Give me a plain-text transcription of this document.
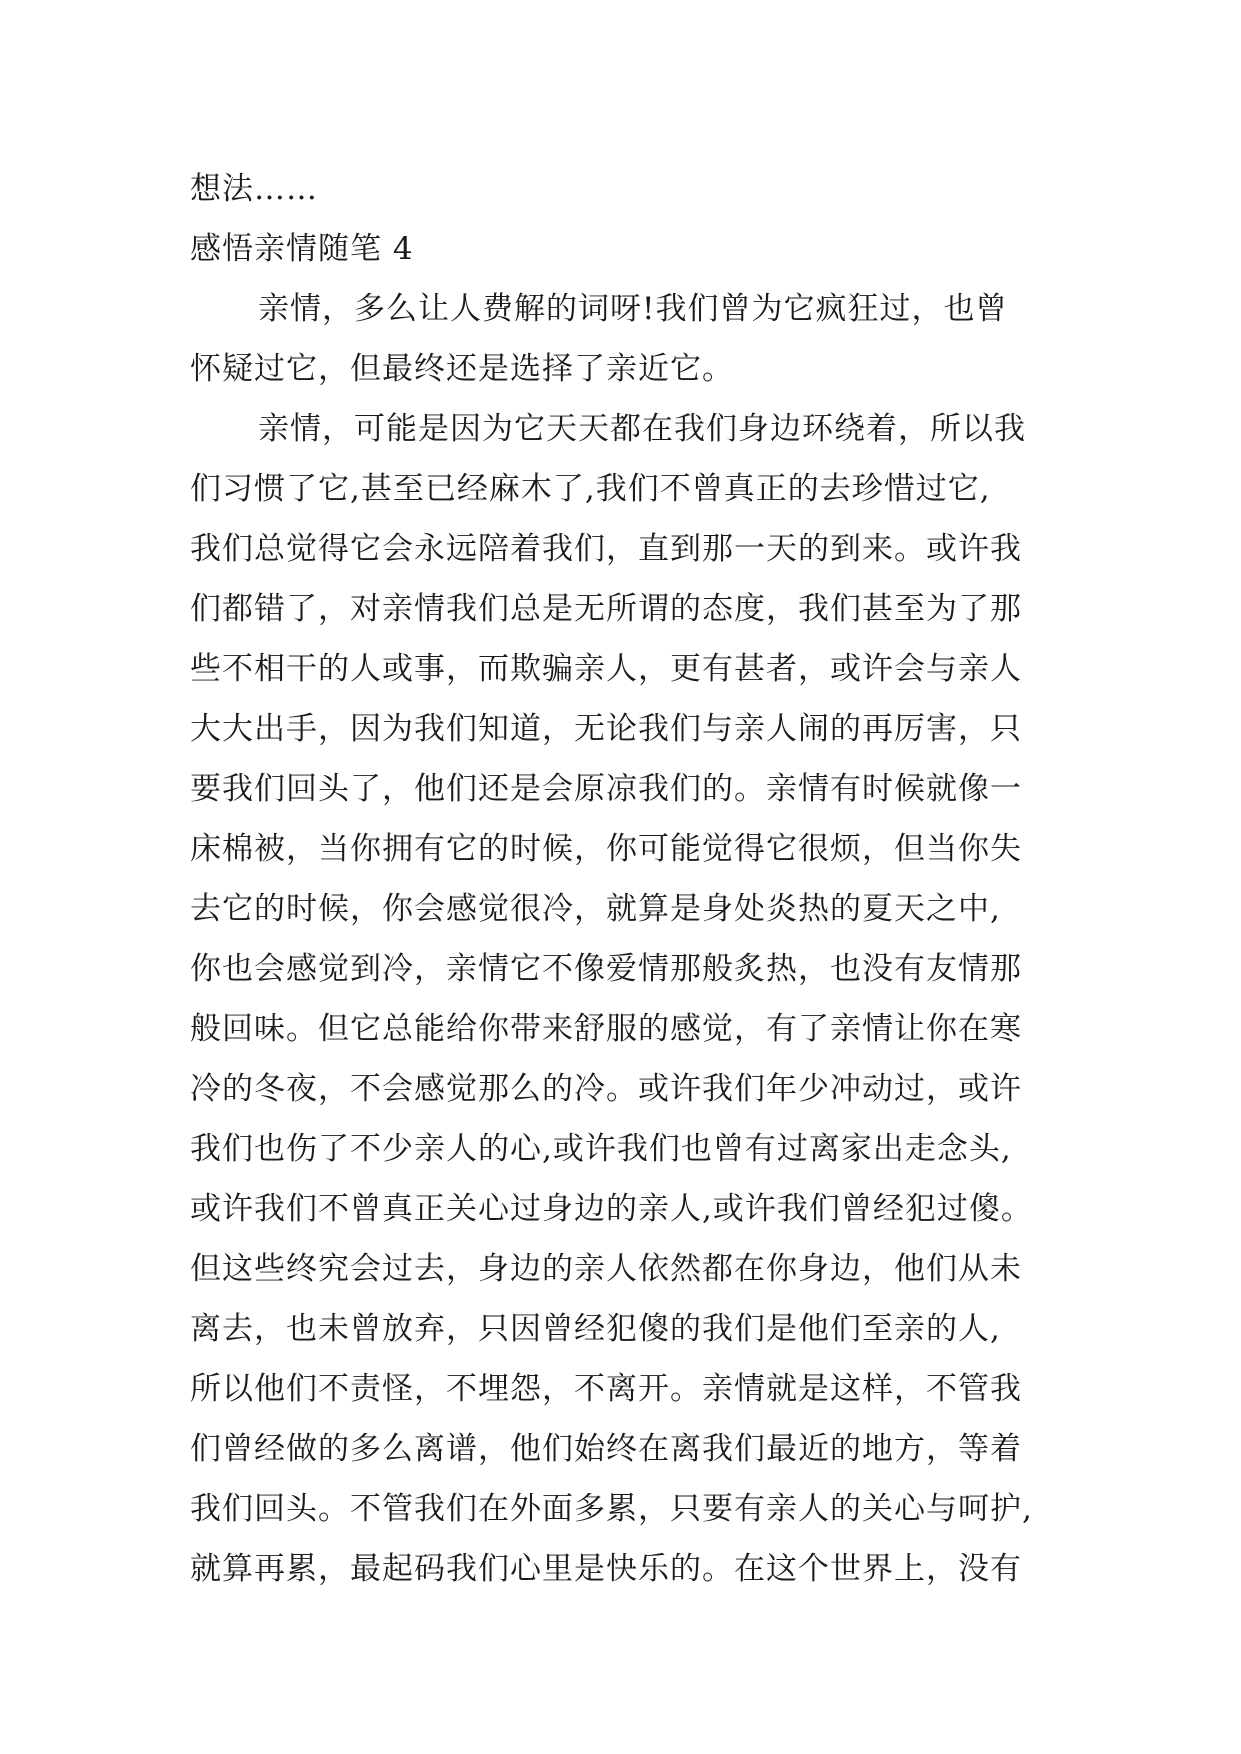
想法……
感悟亲情随笔 4
亲情，多么让人费解的词呀!我们曾为它疯狂过，也曾
怀疑过它，但最终还是选择了亲近它。
亲情，可能是因为它天天都在我们身边环绕着，所以我
们习惯了它,甚至已经麻木了,我们不曾真正的去珍惜过它,
我们总觉得它会永远陪着我们，直到那一天的到来。或许我
们都错了，对亲情我们总是无所谓的态度，我们甚至为了那
些不相干的人或事，而欺骗亲人，更有甚者，或许会与亲人
大大出手，因为我们知道，无论我们与亲人闹的再厉害，只
要我们回头了，他们还是会原凉我们的。亲情有时候就像一
床棉被，当你拥有它的时候，你可能觉得它很烦，但当你失
去它的时候，你会感觉很冷，就算是身处炎热的夏天之中,
你也会感觉到冷，亲情它不像爱情那般炙热，也没有友情那
般回味。但它总能给你带来舒服的感觉，有了亲情让你在寒
冷的冬夜，不会感觉那么的冷。或许我们年少冲动过，或许
我们也伤了不少亲人的心,或许我们也曾有过离家出走念头,
或许我们不曾真正关心过身边的亲人,或许我们曾经犯过傻。
但这些终究会过去，身边的亲人依然都在你身边，他们从未
离去，也未曾放弃，只因曾经犯傻的我们是他们至亲的人,
所以他们不责怪，不埋怨，不离开。亲情就是这样，不管我
们曾经做的多么离谱，他们始终在离我们最近的地方，等着
我们回头。不管我们在外面多累，只要有亲人的关心与呵护,
就算再累，最起码我们心里是快乐的。在这个世界上，没有
